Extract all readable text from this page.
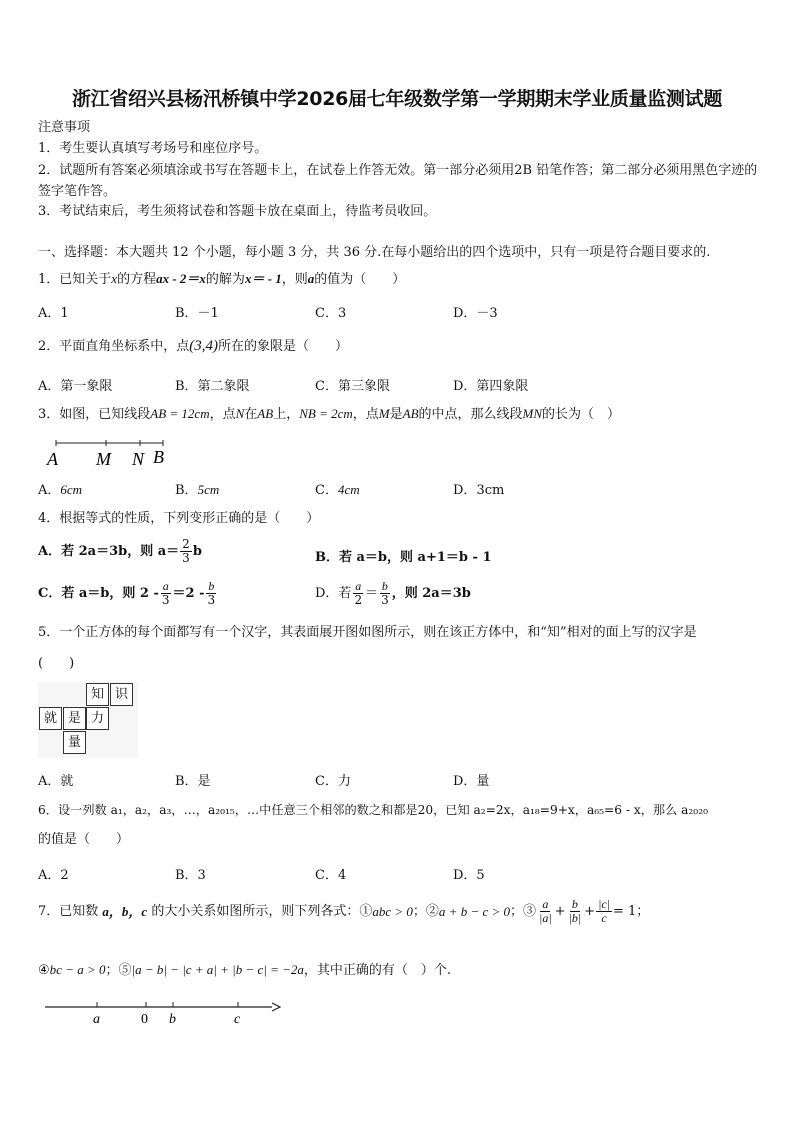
浙江省绍兴县杨汛桥镇中学2026届七年级数学第一学期期末学业质量监测试题
注意事项
1．考生要认真填写考场号和座位序号。
2．试题所有答案必须填涂或书写在答题卡上，在试卷上作答无效。第一部分必须用2B 铅笔作答；第二部分必须用黑色字迹的签字笔作答。
3．考试结束后，考生须将试卷和答题卡放在桌面上，待监考员收回。
一、选择题：本大题共 12 个小题，每小题 3 分，共 36 分.在每小题给出的四个选项中，只有一项是符合题目要求的.
1．已知关于x的方程ax - 2＝x的解为x＝ - 1，则a的值为（　　）
A．1	B．－1	C．3	D．－3
2．平面直角坐标系中，点(3,4)所在的象限是（　　）
A．第一象限	B．第二象限	C．第三象限	D．第四象限
3．如图，已知线段AB = 12cm，点N在AB上，NB = 2cm，点M是AB的中点，那么线段MN的长为（　）
A M N B
A．6cm	B．5cm	C．4cm	D．3cm
4．根据等式的性质，下列变形正确的是（　　）
A．若 2a＝3b，则 $a= \frac{2}{3}$ b	B．若 a＝b，则 a+1＝b - 1
C．若 a＝b，则 $2 - \frac{a}{3} =2 - \frac{b}{3}$	D．若 $\frac{a}{2} = \frac{b}{3}$ ，则 2a＝3b
5．一个正方体的每个面都写有一个汉字，其表面展开图如图所示，则在该正方体中，和“知”相对的面上写的汉字是
(　　)
知 识
就 是 力
量
A．就	B．是	C．力	D．量
6．设一列数 a₁，a₂，a₃，…，a₂₀₁₅，…中任意三个相邻的数之和都是20，已知 a₂=2x，a₁₈=9+x，a₆₅=6 - x，那么 a₂₀₂₀
的值是（　　）
A．2	B．3	C．4	D．5
7．已知数
a，b，c
的大小关系如图所示，则下列各式：① abc > 0 ；② a + b − c > 0 ；③ $\frac{a}{|a|} + \frac{b}{|b|} + \frac{|c|}{c} = 1$；
④bc − a > 0；⑤|a − b| − |c + a| + |b − c| = −2a，其中正确的有（　）个.
a	0 b	c
